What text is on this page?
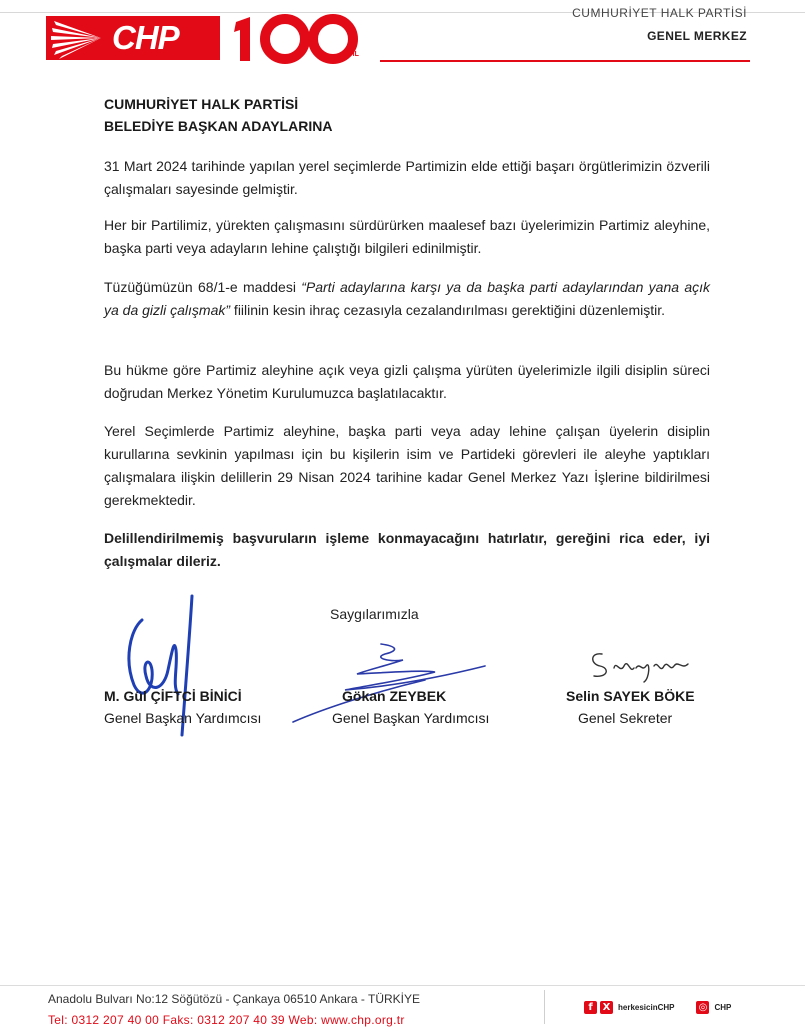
CHP	YIL
CUMHURİYET HALK PARTİSİ
GENEL MERKEZ
CUMHURİYET HALK PARTİSİ
BELEDİYE BAŞKAN ADAYLARINA
31 Mart 2024 tarihinde yapılan yerel seçimlerde Partimizin elde ettiği başarı örgütlerimizin özverili çalışmaları sayesinde gelmiştir.
Her bir Partilimiz, yürekten çalışmasını sürdürürken maalesef bazı üyelerimizin Partimiz aleyhine, başka parti veya adayların lehine çalıştığı bilgileri edinilmiştir.
Tüzüğümüzün 68/1-e maddesi “Parti adaylarına karşı ya da başka parti adaylarından yana açık ya da gizli çalışmak” fiilinin kesin ihraç cezasıyla cezalandırılması gerektiğini düzenlemiştir.
Bu hükme göre Partimiz aleyhine açık veya gizli çalışma yürüten üyelerimizle ilgili disiplin süreci doğrudan Merkez Yönetim Kurulumuzca başlatılacaktır.
Yerel Seçimlerde Partimiz aleyhine, başka parti veya aday lehine çalışan üyelerin disiplin kurullarına sevkinin yapılması için bu kişilerin isim ve Partideki görevleri ile aleyhe yaptıkları çalışmalara ilişkin delillerin 29 Nisan 2024 tarihine kadar Genel Merkez Yazı İşlerine bildirilmesi gerekmektedir.
Delillendirilmemiş başvuruların işleme konmayacağını hatırlatır, gereğini rica eder, iyi çalışmalar dileriz.
Saygılarımızla
M. Gül ÇİFTCİ BİNİCİ
Genel Başkan Yardımcısı
Gökan ZEYBEK
Genel Başkan Yardımcısı
Selin SAYEK BÖKE
Genel Sekreter
Anadolu Bulvarı No:12 Söğütözü - Çankaya 06510 Ankara - TÜRKİYE
Tel: 0312 207 40 00 Faks: 0312 207 40 39 Web: www.chp.org.tr
f X herkesicinCHP ◎ CHP
